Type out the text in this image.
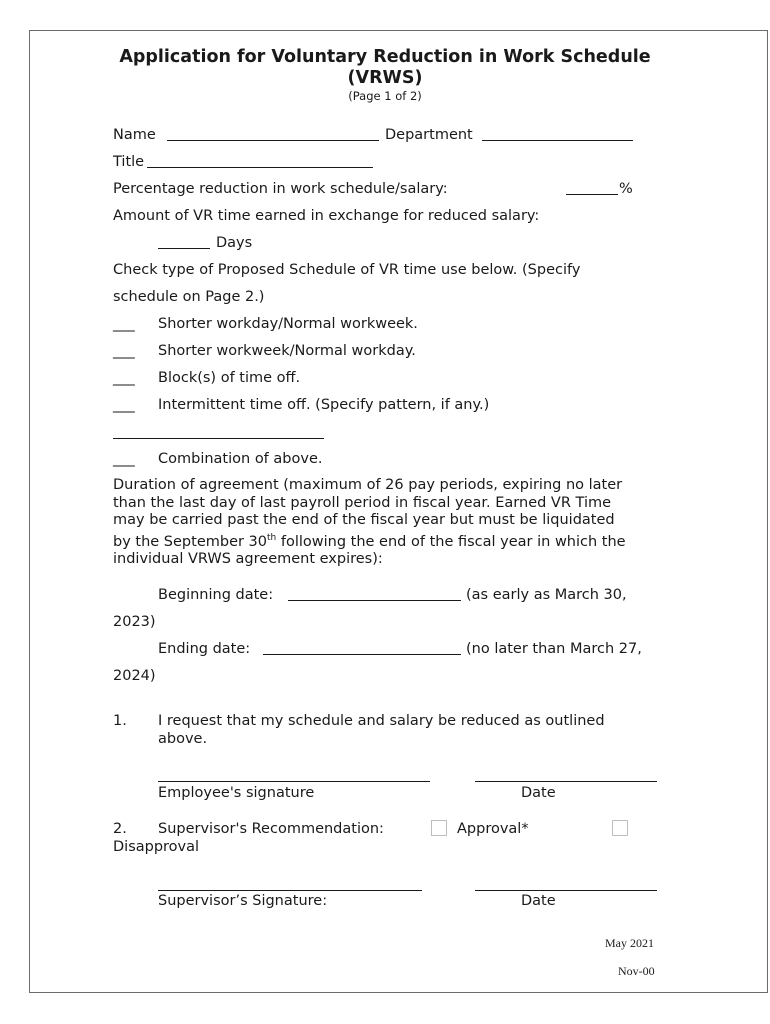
Application for Voluntary Reduction in Work Schedule
(VRWS)
(Page 1 of 2)
Name	Department
Title
Percentage reduction in work schedule/salary:	%
Amount of VR time earned in exchange for reduced salary:
Days
Check type of Proposed Schedule of VR time use below. (Specify
schedule on Page 2.)
___ Shorter workday/Normal workweek.
___ Shorter workweek/Normal workday.
___ Block(s) of time off.
___ Intermittent time off. (Specify pattern, if any.)
___ Combination of above.
Duration of agreement (maximum of 26 pay periods, expiring no later
than the last day of last payroll period in fiscal year. Earned VR Time
may be carried past the end of the fiscal year but must be liquidated
by the September 30th following the end of the fiscal year in which the
individual VRWS agreement expires):
Beginning date:	(as early as March 30,
2023)
Ending date:	(no later than March 27,
2024)
1. I request that my schedule and salary be reduced as outlined
above.
Employee's signature	Date
2. Supervisor's Recommendation:	Approval*
Disapproval
Supervisor’s Signature:	Date
May 2021
Nov-00
